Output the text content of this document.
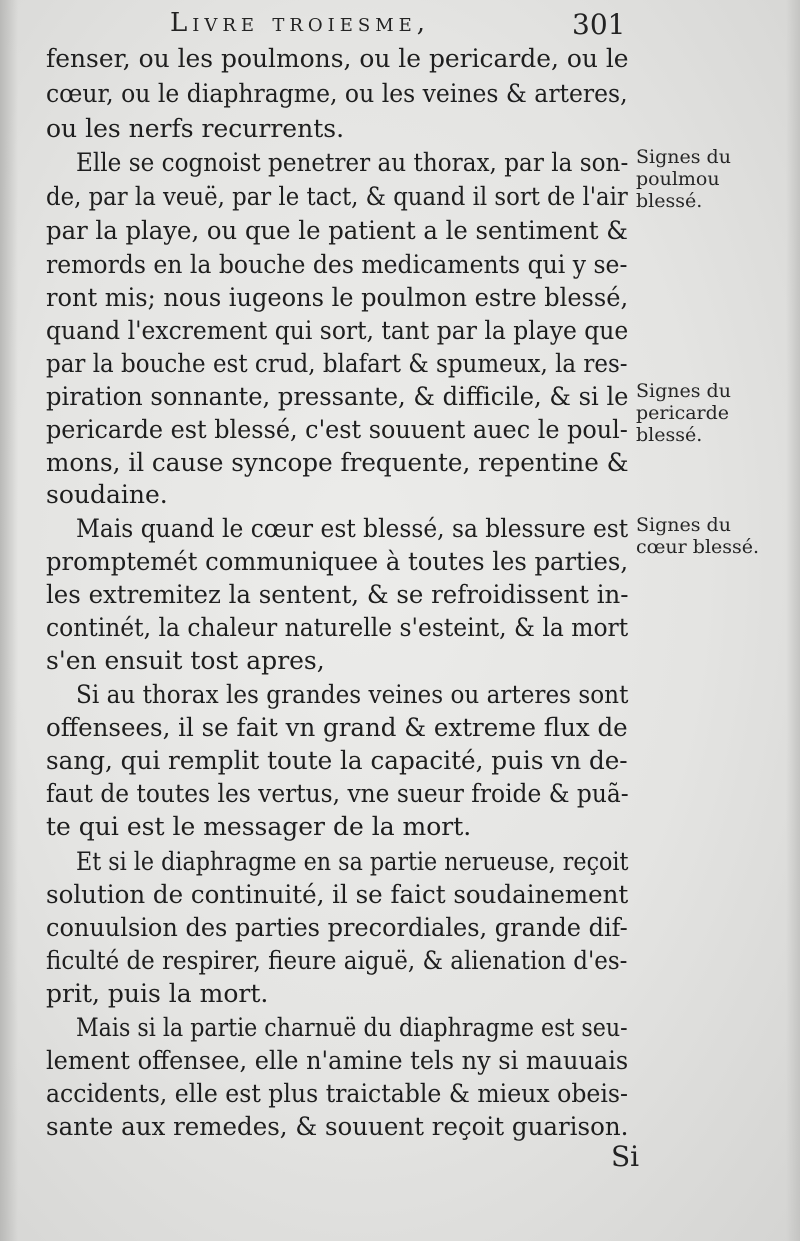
Livre troiesme,	301
fenser, ou les poulmons, ou le pericarde, ou le
cœur, ou le diaphragme, ou les veines & arteres,
ou les nerfs recurrents.
Elle se cognoist penetrer au thorax, par la son-
de, par la veuë, par le tact, & quand il sort de l'air
par la playe, ou que le patient a le sentiment &
remords en la bouche des medicaments qui y se-
ront mis; nous iugeons le poulmon estre blessé,
quand l'excrement qui sort, tant par la playe que
par la bouche est crud, blafart & spumeux, la res-
piration sonnante, pressante, & difficile, & si le
pericarde est blessé, c'est souuent auec le poul-
mons, il cause syncope frequente, repentine &
soudaine.
Mais quand le cœur est blessé, sa blessure est
promptemét communiquee à toutes les parties,
les extremitez la sentent, & se refroidissent in-
continét, la chaleur naturelle s'esteint, & la mort
s'en ensuit tost apres,
Si au thorax les grandes veines ou arteres sont
offensees, il se fait vn grand & extreme flux de
sang, qui remplit toute la capacité, puis vn de-
faut de toutes les vertus, vne sueur froide & puã-
te qui est le messager de la mort.
Et si le diaphragme en sa partie nerueuse, reçoit
solution de continuité, il se faict soudainement
conuulsion des parties precordiales, grande dif-
ficulté de respirer, fieure aiguë, & alienation d'es-
prit, puis la mort.
Mais si la partie charnuë du diaphragme est seu-
lement offensee, elle n'amine tels ny si mauuais
accidents, elle est plus traictable & mieux obeis-
sante aux remedes, & souuent reçoit guarison.
Signes du
poulmou
blessé.
Signes du
pericarde
blessé.
Signes du
cœur blessé.
Si
